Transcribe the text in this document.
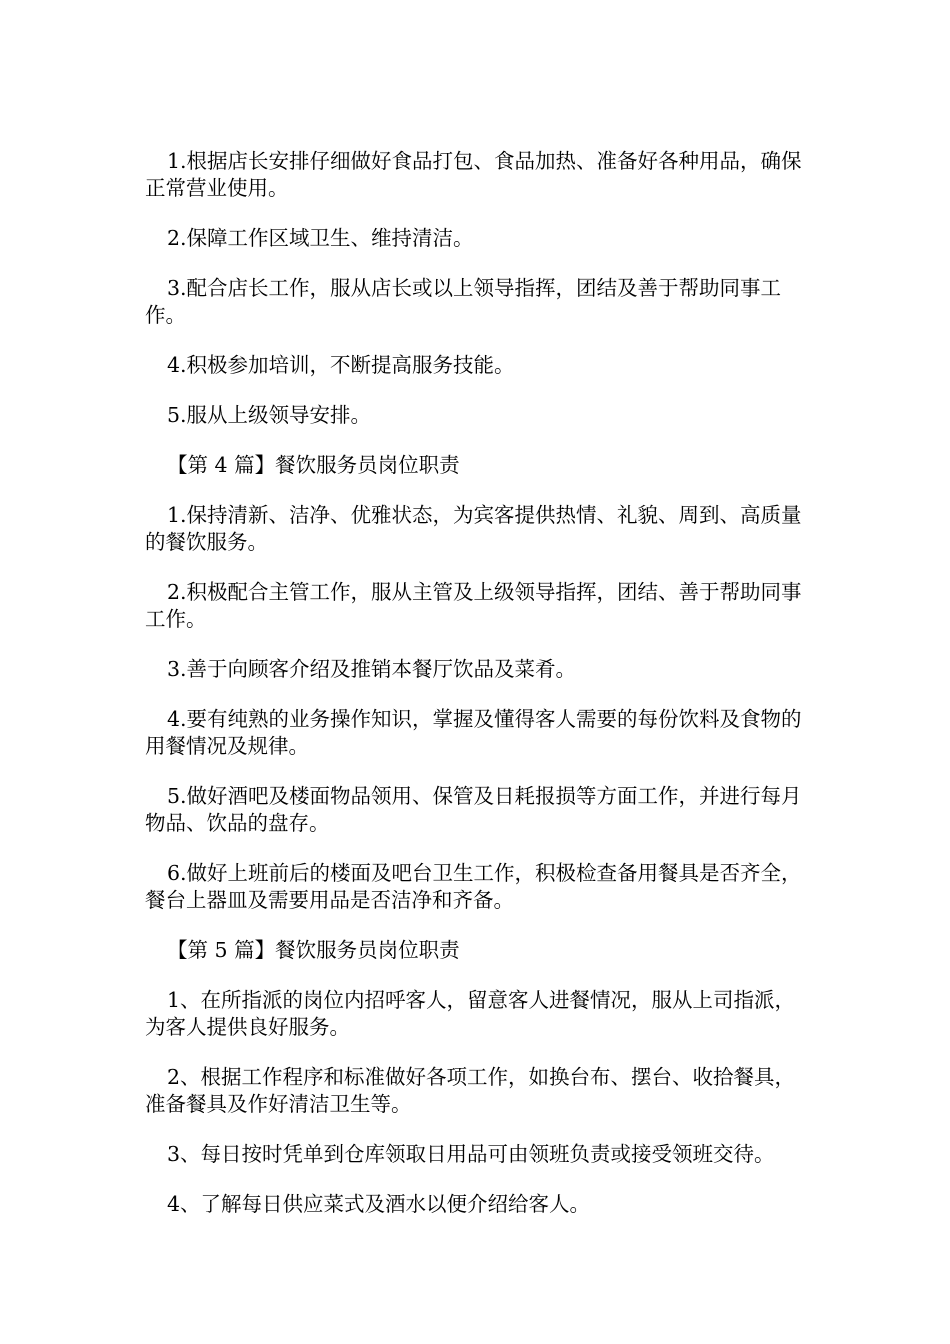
1.根据店长安排仔细做好食品打包、食品加热、准备好各种用品，确保正常营业使用。

2.保障工作区域卫生、维持清洁。

3.配合店长工作，服从店长或以上领导指挥，团结及善于帮助同事工作。

4.积极参加培训，不断提高服务技能。

5.服从上级领导安排。

【第 4 篇】餐饮服务员岗位职责

1.保持清新、洁净、优雅状态，为宾客提供热情、礼貌、周到、高质量的餐饮服务。

2.积极配合主管工作，服从主管及上级领导指挥，团结、善于帮助同事工作。

3.善于向顾客介绍及推销本餐厅饮品及菜肴。

4.要有纯熟的业务操作知识，掌握及懂得客人需要的每份饮料及食物的用餐情况及规律。

5.做好酒吧及楼面物品领用、保管及日耗报损等方面工作，并进行每月物品、饮品的盘存。

6.做好上班前后的楼面及吧台卫生工作，积极检查备用餐具是否齐全，餐台上器皿及需要用品是否洁净和齐备。

【第 5 篇】餐饮服务员岗位职责

1、在所指派的岗位内招呼客人，留意客人进餐情况，服从上司指派，为客人提供良好服务。

2、根据工作程序和标准做好各项工作，如换台布、摆台、收拾餐具，准备餐具及作好清洁卫生等。

3、每日按时凭单到仓库领取日用品可由领班负责或接受领班交待。

4、了解每日供应菜式及酒水以便介绍给客人。
